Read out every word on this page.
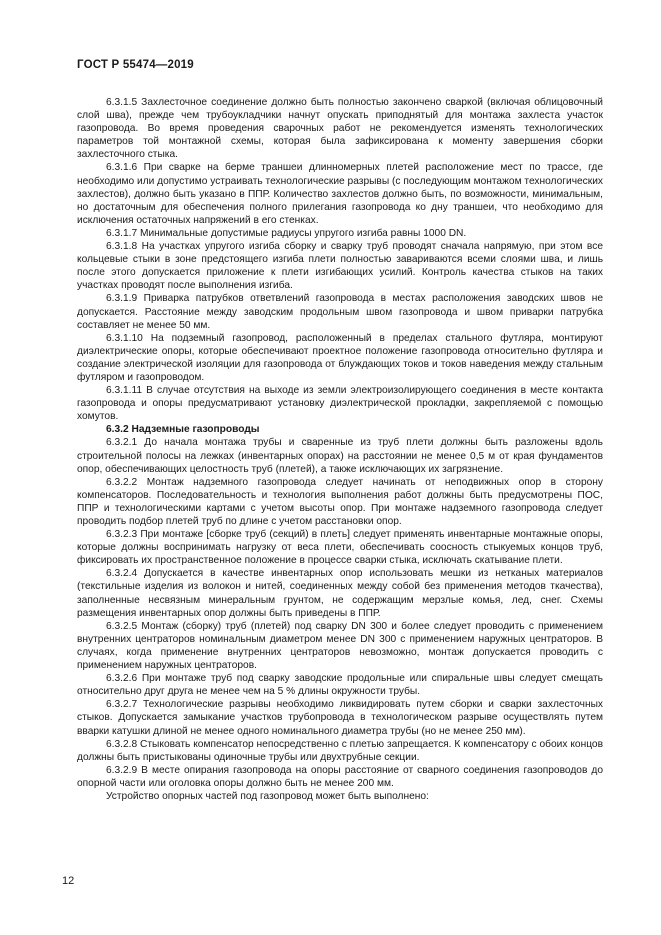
ГОСТ Р 55474—2019

6.3.1.5 Захлесточное соединение должно быть полностью закончено сваркой (включая облицовочный слой шва), прежде чем трубоукладчики начнут опускать приподнятый для монтажа захлеста участок газопровода. Во время проведения сварочных работ не рекомендуется изменять технологических параметров той монтажной схемы, которая была зафиксирована к моменту завершения сборки захлесточного стыка.

6.3.1.6 При сварке на берме траншеи длинномерных плетей расположение мест по трассе, где необходимо или допустимо устраивать технологические разрывы (с последующим монтажом технологических захлестов), должно быть указано в ППР. Количество захлестов должно быть, по возможности, минимальным, но достаточным для обеспечения полного прилегания газопровода ко дну траншеи, что необходимо для исключения остаточных напряжений в его стенках.

6.3.1.7 Минимальные допустимые радиусы упругого изгиба равны 1000 DN.

6.3.1.8 На участках упругого изгиба сборку и сварку труб проводят сначала напрямую, при этом все кольцевые стыки в зоне предстоящего изгиба плети полностью завариваются всеми слоями шва, и лишь после этого допускается приложение к плети изгибающих усилий. Контроль качества стыков на таких участках проводят после выполнения изгиба.

6.3.1.9 Приварка патрубков ответвлений газопровода в местах расположения заводских швов не допускается. Расстояние между заводским продольным швом газопровода и швом приварки патрубка составляет не менее 50 мм.

6.3.1.10 На подземный газопровод, расположенный в пределах стального футляра, монтируют диэлектрические опоры, которые обеспечивают проектное положение газопровода относительно футляра и создание электрической изоляции для газопровода от блуждающих токов и токов наведения между стальным футляром и газопроводом.

6.3.1.11 В случае отсутствия на выходе из земли электроизолирующего соединения в месте контакта газопровода и опоры предусматривают установку диэлектрической прокладки, закрепляемой с помощью хомутов.

6.3.2 Надземные газопроводы

6.3.2.1 До начала монтажа трубы и сваренные из труб плети должны быть разложены вдоль строительной полосы на лежках (инвентарных опорах) на расстоянии не менее 0,5 м от края фундаментов опор, обеспечивающих целостность труб (плетей), а также исключающих их загрязнение.

6.3.2.2 Монтаж надземного газопровода следует начинать от неподвижных опор в сторону компенсаторов. Последовательность и технология выполнения работ должны быть предусмотрены ПОС, ППР и технологическими картами с учетом высоты опор. При монтаже надземного газопровода следует проводить подбор плетей труб по длине с учетом расстановки опор.

6.3.2.3 При монтаже [сборке труб (секций) в плеть] следует применять инвентарные монтажные опоры, которые должны воспринимать нагрузку от веса плети, обеспечивать соосность стыкуемых концов труб, фиксировать их пространственное положение в процессе сварки стыка, исключать скатывание плети.

6.3.2.4 Допускается в качестве инвентарных опор использовать мешки из нетканых материалов (текстильные изделия из волокон и нитей, соединенных между собой без применения методов ткачества), заполненные несвязным минеральным грунтом, не содержащим мерзлые комья, лед, снег. Схемы размещения инвентарных опор должны быть приведены в ППР.

6.3.2.5 Монтаж (сборку) труб (плетей) под сварку DN 300 и более следует проводить с применением внутренних центраторов номинальным диаметром менее DN 300 с применением наружных центраторов. В случаях, когда применение внутренних центраторов невозможно, монтаж допускается проводить с применением наружных центраторов.

6.3.2.6 При монтаже труб под сварку заводские продольные или спиральные швы следует смещать относительно друг друга не менее чем на 5 % длины окружности трубы.

6.3.2.7 Технологические разрывы необходимо ликвидировать путем сборки и сварки захлесточных стыков. Допускается замыкание участков трубопровода в технологическом разрыве осуществлять путем вварки катушки длиной не менее одного номинального диаметра трубы (но не менее 250 мм).

6.3.2.8 Стыковать компенсатор непосредственно с плетью запрещается. К компенсатору с обоих концов должны быть пристыкованы одиночные трубы или двухтрубные секции.

6.3.2.9 В месте опирания газопровода на опоры расстояние от сварного соединения газопроводов до опорной части или оголовка опоры должно быть не менее 200 мм.

Устройство опорных частей под газопровод может быть выполнено:

12
